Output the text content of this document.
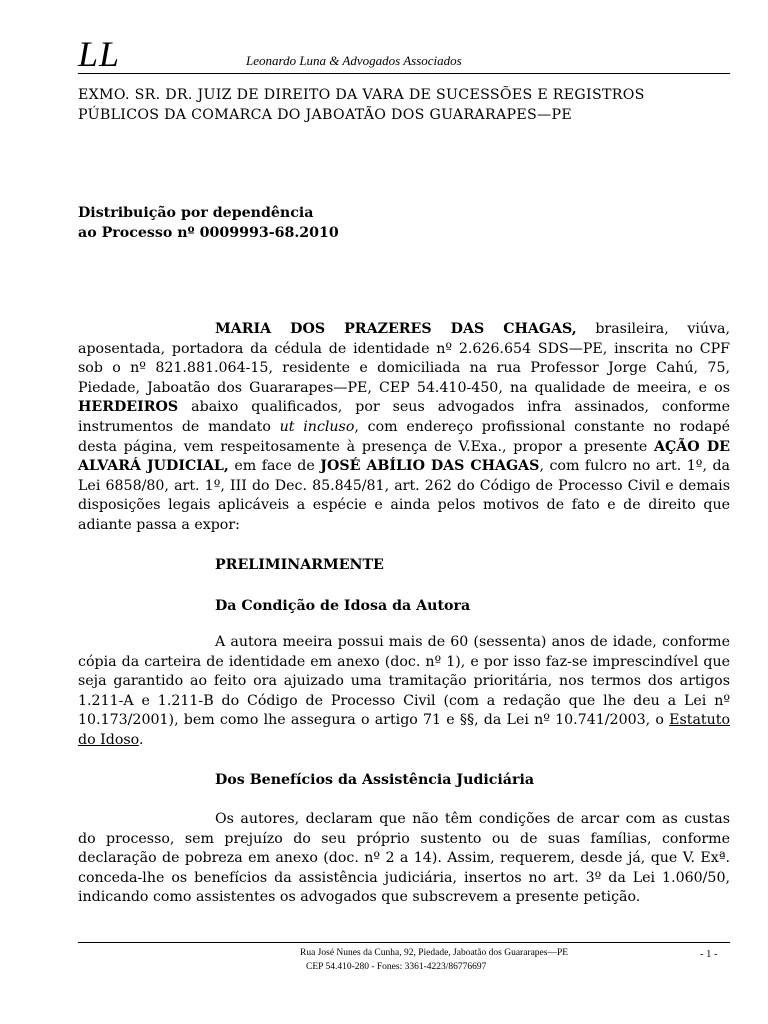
LL	Leonardo Luna & Advogados Associados
EXMO. SR. DR. JUIZ DE DIREITO DA VARA DE SUCESSÕES E REGISTROS
PÚBLICOS DA COMARCA DO JABOATÃO DOS GUARARAPES—PE
Distribuição por dependência
ao Processo nº 0009993-68.2010
MARIA DOS PRAZERES DAS CHAGAS, brasileira, viúva, aposentada, portadora da cédula de identidade nº 2.626.654 SDS—PE, inscrita no CPF sob o nº 821.881.064-15, residente e domiciliada na rua Professor Jorge Cahú, 75, Piedade, Jaboatão dos Guararapes—PE, CEP 54.410-450, na qualidade de meeira, e os HERDEIROS abaixo qualificados, por seus advogados infra assinados, conforme instrumentos de mandato ut incluso, com endereço profissional constante no rodapé desta página, vem respeitosamente à presença de V.Exa., propor a presente AÇÃO DE ALVARÁ JUDICIAL, em face de JOSÉ ABÍLIO DAS CHAGAS, com fulcro no art. 1º, da Lei 6858/80, art. 1º, III do Dec. 85.845/81, art. 262 do Código de Processo Civil e demais disposições legais aplicáveis a espécie e ainda pelos motivos de fato e de direito que adiante passa a expor:
PRELIMINARMENTE
Da Condição de Idosa da Autora
A autora meeira possui mais de 60 (sessenta) anos de idade, conforme cópia da carteira de identidade em anexo (doc. nº 1), e por isso faz-se imprescindível que seja garantido ao feito ora ajuizado uma tramitação prioritária, nos termos dos artigos 1.211-A e 1.211-B do Código de Processo Civil (com a redação que lhe deu a Lei nº 10.173/2001), bem como lhe assegura o artigo 71 e §§, da Lei nº 10.741/2003, o Estatuto do Idoso.
Dos Benefícios da Assistência Judiciária
Os autores, declaram que não têm condições de arcar com as custas do processo, sem prejuízo do seu próprio sustento ou de suas famílias, conforme declaração de pobreza em anexo (doc. nº 2 a 14). Assim, requerem, desde já, que V. Exª. conceda-lhe os benefícios da assistência judiciária, insertos no art. 3º da Lei 1.060/50, indicando como assistentes os advogados que subscrevem a presente petição.
Rua José Nunes da Cunha, 92, Piedade, Jaboatão dos Guararapes—PE
CEP 54.410-280 - Fones: 3361-4223/86776697
- 1 -
